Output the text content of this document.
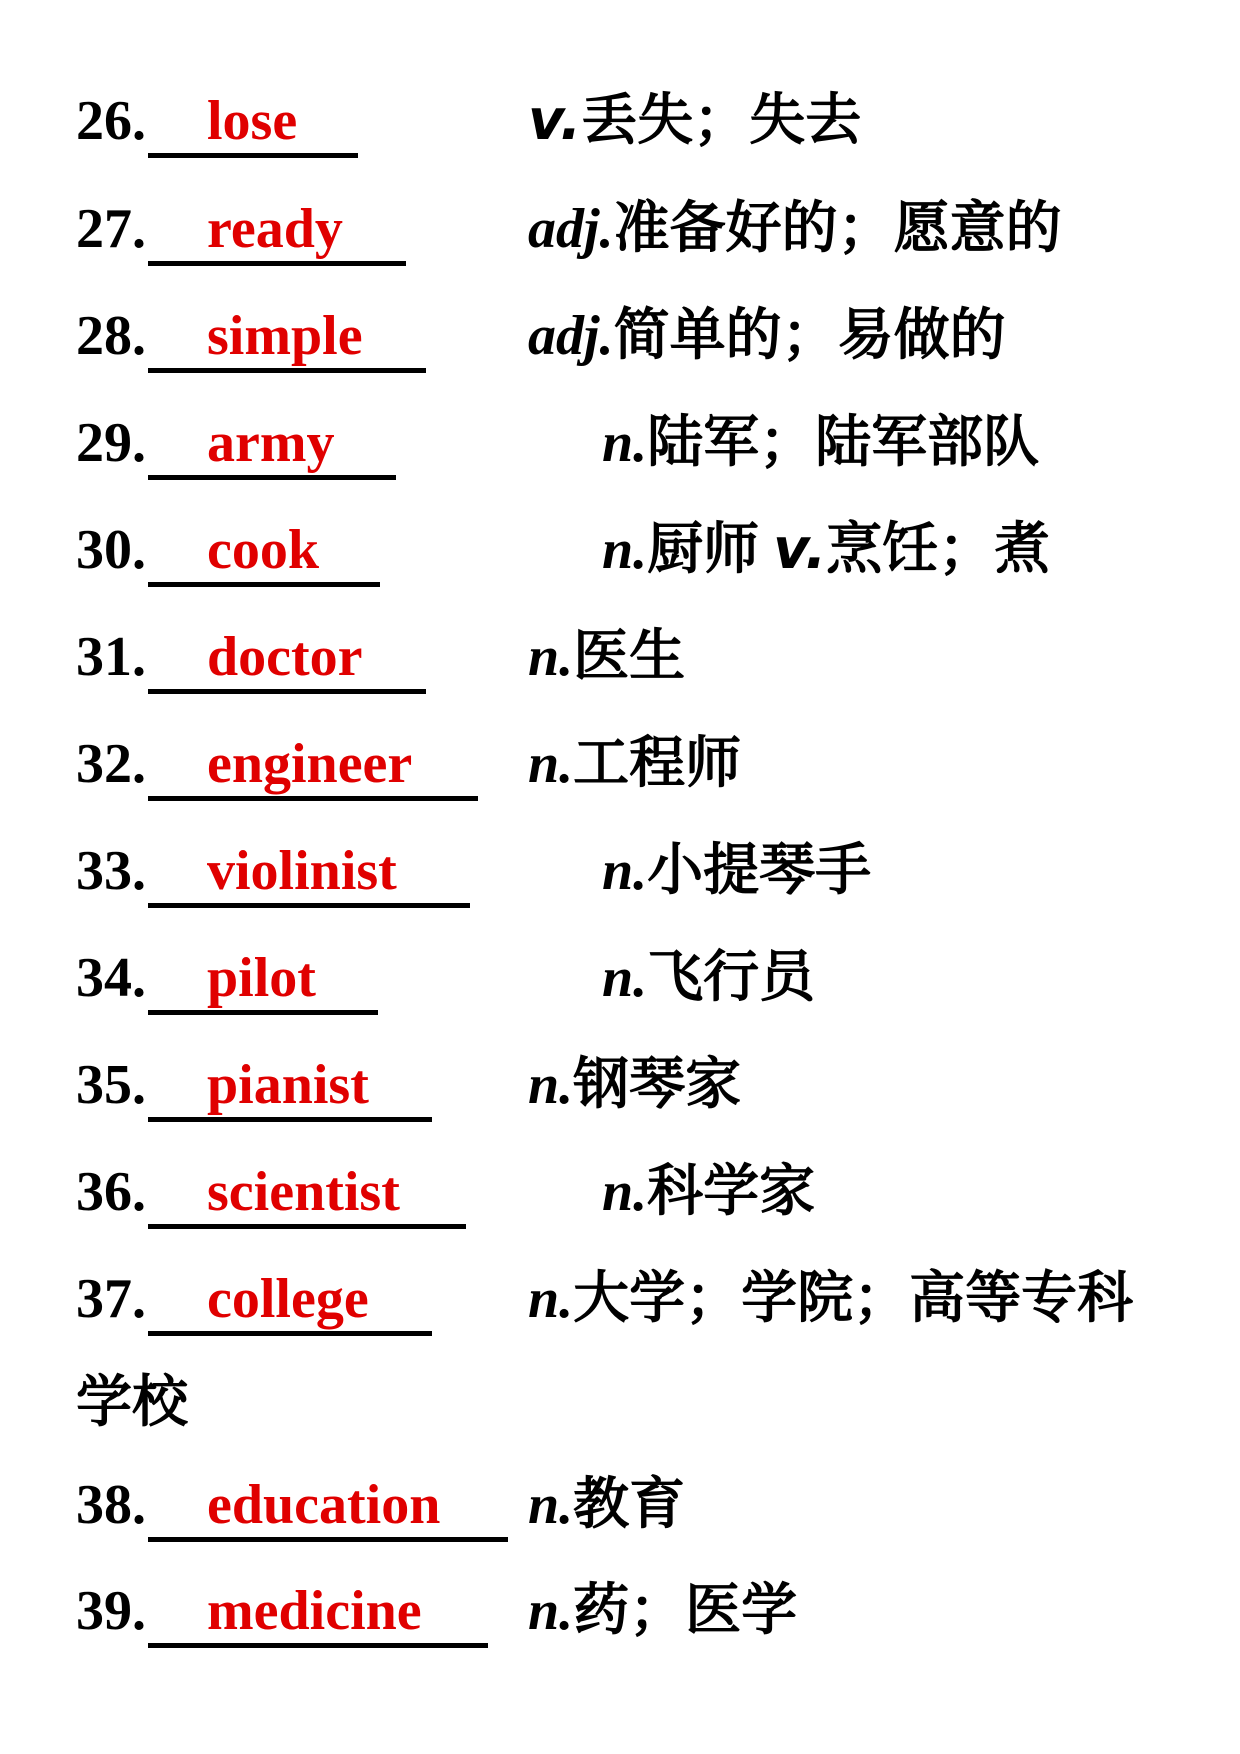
26. lose	v.丢失；失去
27. ready	adj.准备好的；愿意的
28. simple	adj.简单的；易做的
29. army	n.陆军；陆军部队
30. cook	n.厨师 v.烹饪；煮
31. doctor	n.医生
32. engineer n.工程师
33. violinist	n.小提琴手
34. pilot	n.飞行员
35. pianist	n.钢琴家
36. scientist	n.科学家
37. college	n.大学；学院；高等专科
学校
38. education n.教育
39. medicine n.药；医学
